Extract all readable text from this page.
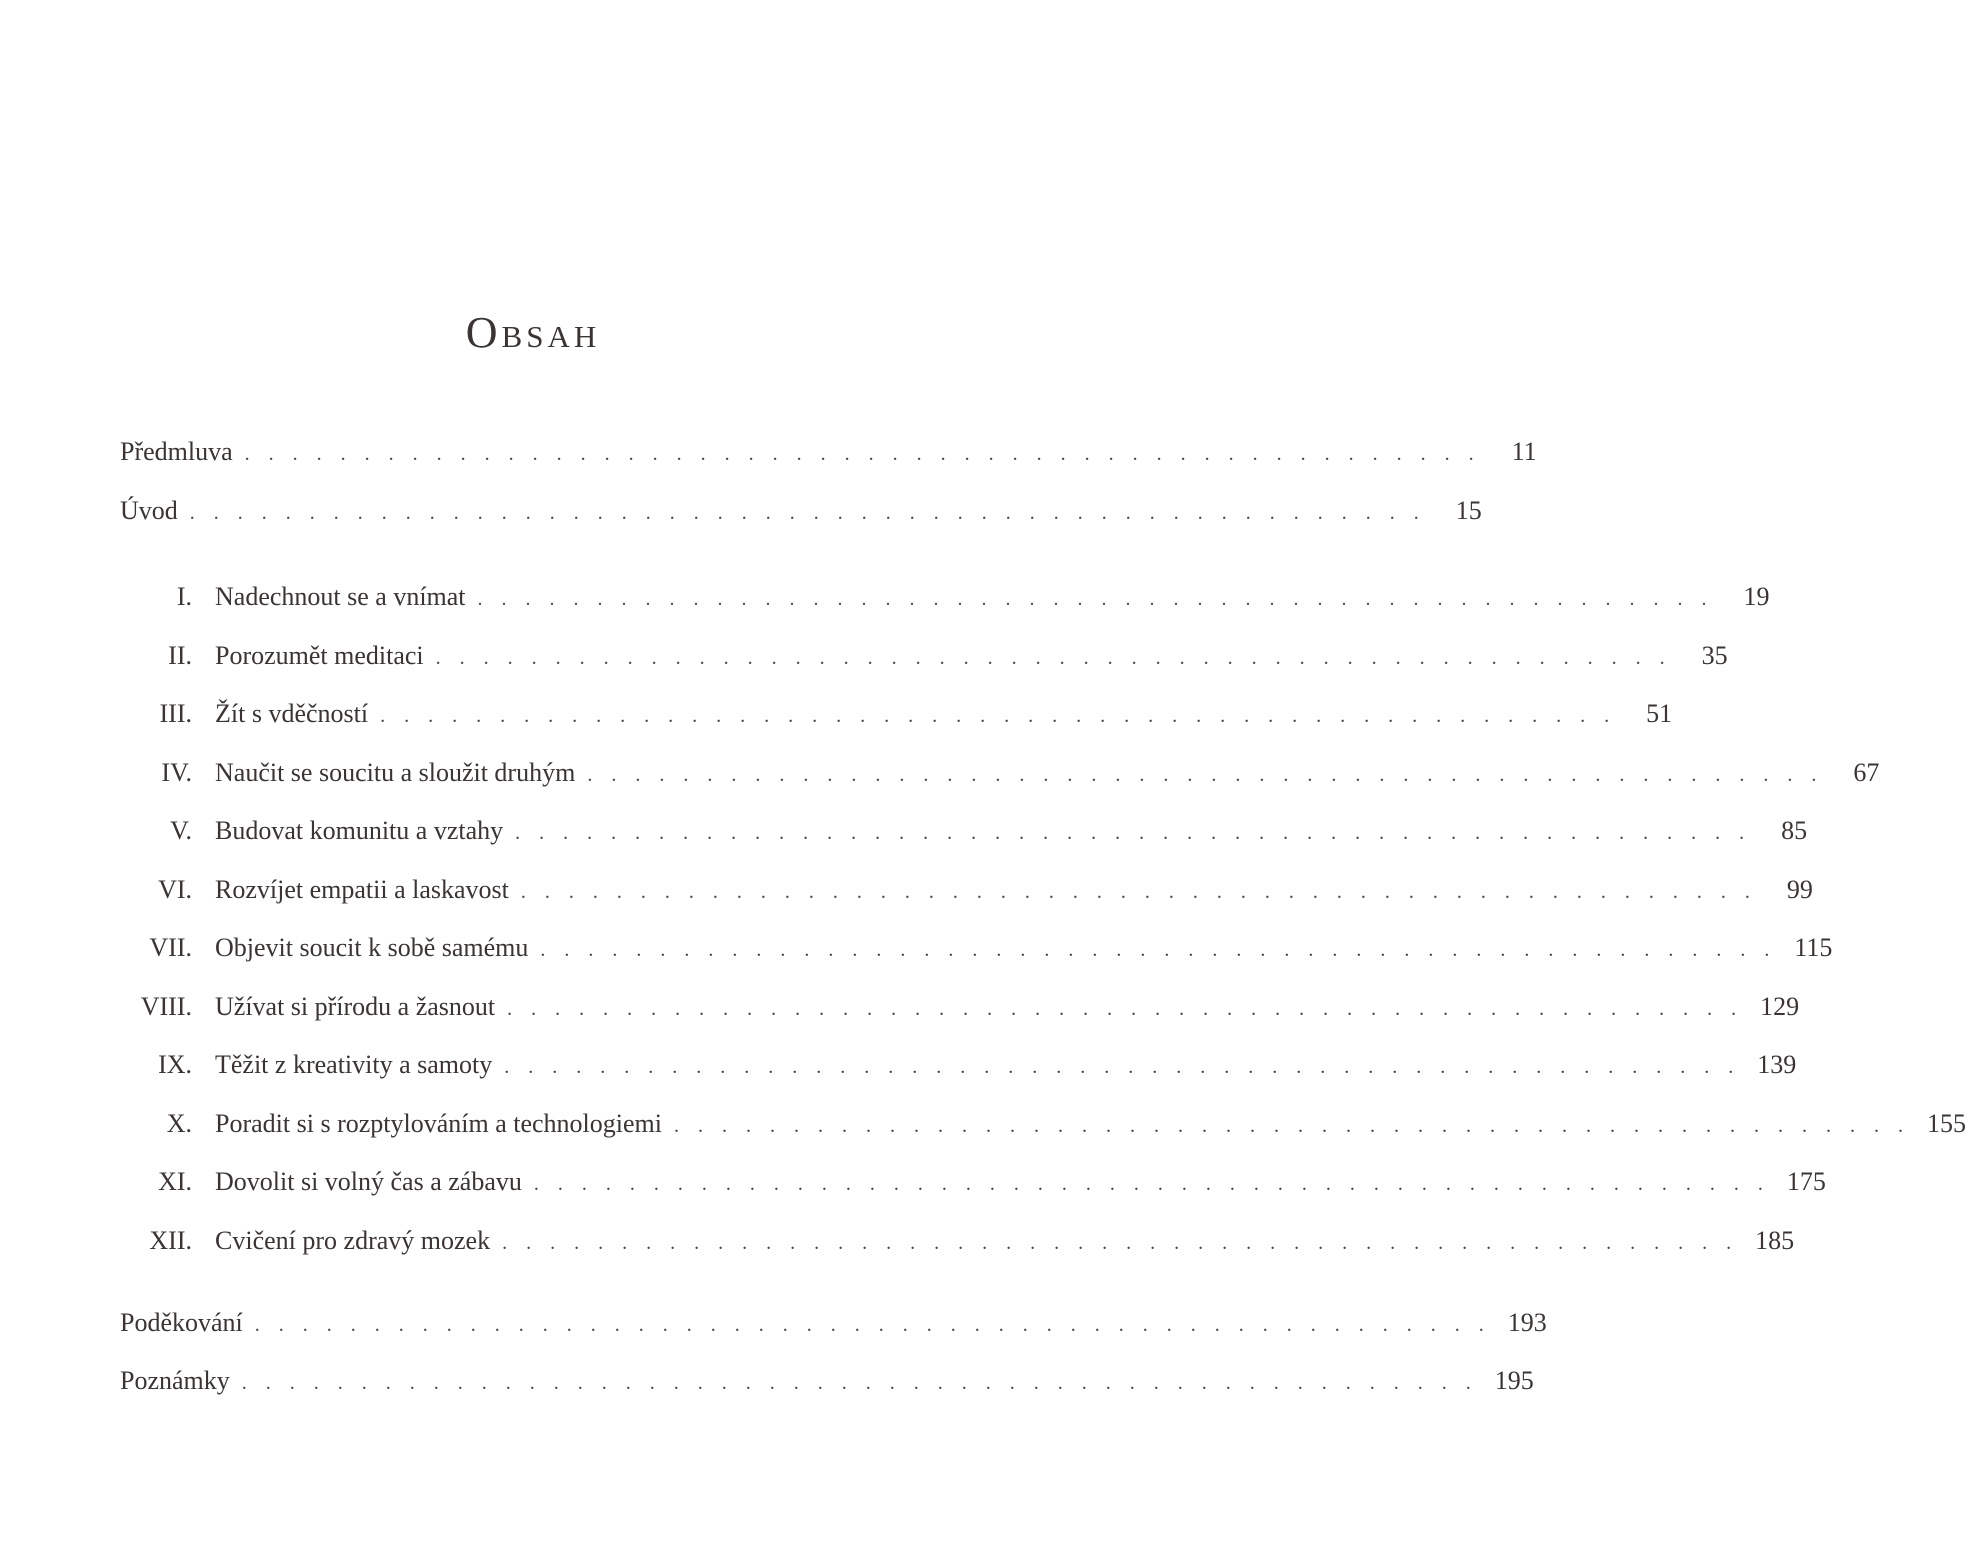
Obsah
Předmluva . . . . . . . . . . . . . . . . . . . . . . . . . . . . . . . . . . . . . . . . . . . . . . . . . . . .	11
Úvod . . . . . . . . . . . . . . . . . . . . . . . . . . . . . . . . . . . . . . . . . . . . . . . . . . . .	15
I. Nadechnout se a vnímat . . . . . . . . . . . . . . . . . . . . . . . . . . . . . . . . . . . . . . . . . . . . . . . . . . . .	19
II. Porozumět meditaci . . . . . . . . . . . . . . . . . . . . . . . . . . . . . . . . . . . . . . . . . . . . . . . . . . . .	35
III. Žít s vděčností . . . . . . . . . . . . . . . . . . . . . . . . . . . . . . . . . . . . . . . . . . . . . . . . . . . .	51
IV. Naučit se soucitu a sloužit druhým . . . . . . . . . . . . . . . . . . . . . . . . . . . . . . . . . . . . . . . . . . . . . . . . . . . .	67
V. Budovat komunitu a vztahy . . . . . . . . . . . . . . . . . . . . . . . . . . . . . . . . . . . . . . . . . . . . . . . . . . . .	85
VI. Rozvíjet empatii a laskavost . . . . . . . . . . . . . . . . . . . . . . . . . . . . . . . . . . . . . . . . . . . . . . . . . . . .	99
VII. Objevit soucit k sobě samému . . . . . . . . . . . . . . . . . . . . . . . . . . . . . . . . . . . . . . . . . . . . . . . . . . . . 115
VIII. Užívat si přírodu a žasnout . . . . . . . . . . . . . . . . . . . . . . . . . . . . . . . . . . . . . . . . . . . . . . . . . . . . 129
IX. Těžit z kreativity a samoty . . . . . . . . . . . . . . . . . . . . . . . . . . . . . . . . . . . . . . . . . . . . . . . . . . . . 139
X. Poradit si s rozptylováním a technologiemi . . . . . . . . . . . . . . . . . . . . . . . . . . . . . . . . . . . . . . . . . . . . . . . . . . . . 155
XI. Dovolit si volný čas a zábavu . . . . . . . . . . . . . . . . . . . . . . . . . . . . . . . . . . . . . . . . . . . . . . . . . . . . 175
XII. Cvičení pro zdravý mozek . . . . . . . . . . . . . . . . . . . . . . . . . . . . . . . . . . . . . . . . . . . . . . . . . . . . 185
Poděkování . . . . . . . . . . . . . . . . . . . . . . . . . . . . . . . . . . . . . . . . . . . . . . . . . . . . 193
Poznámky . . . . . . . . . . . . . . . . . . . . . . . . . . . . . . . . . . . . . . . . . . . . . . . . . . . . 195
